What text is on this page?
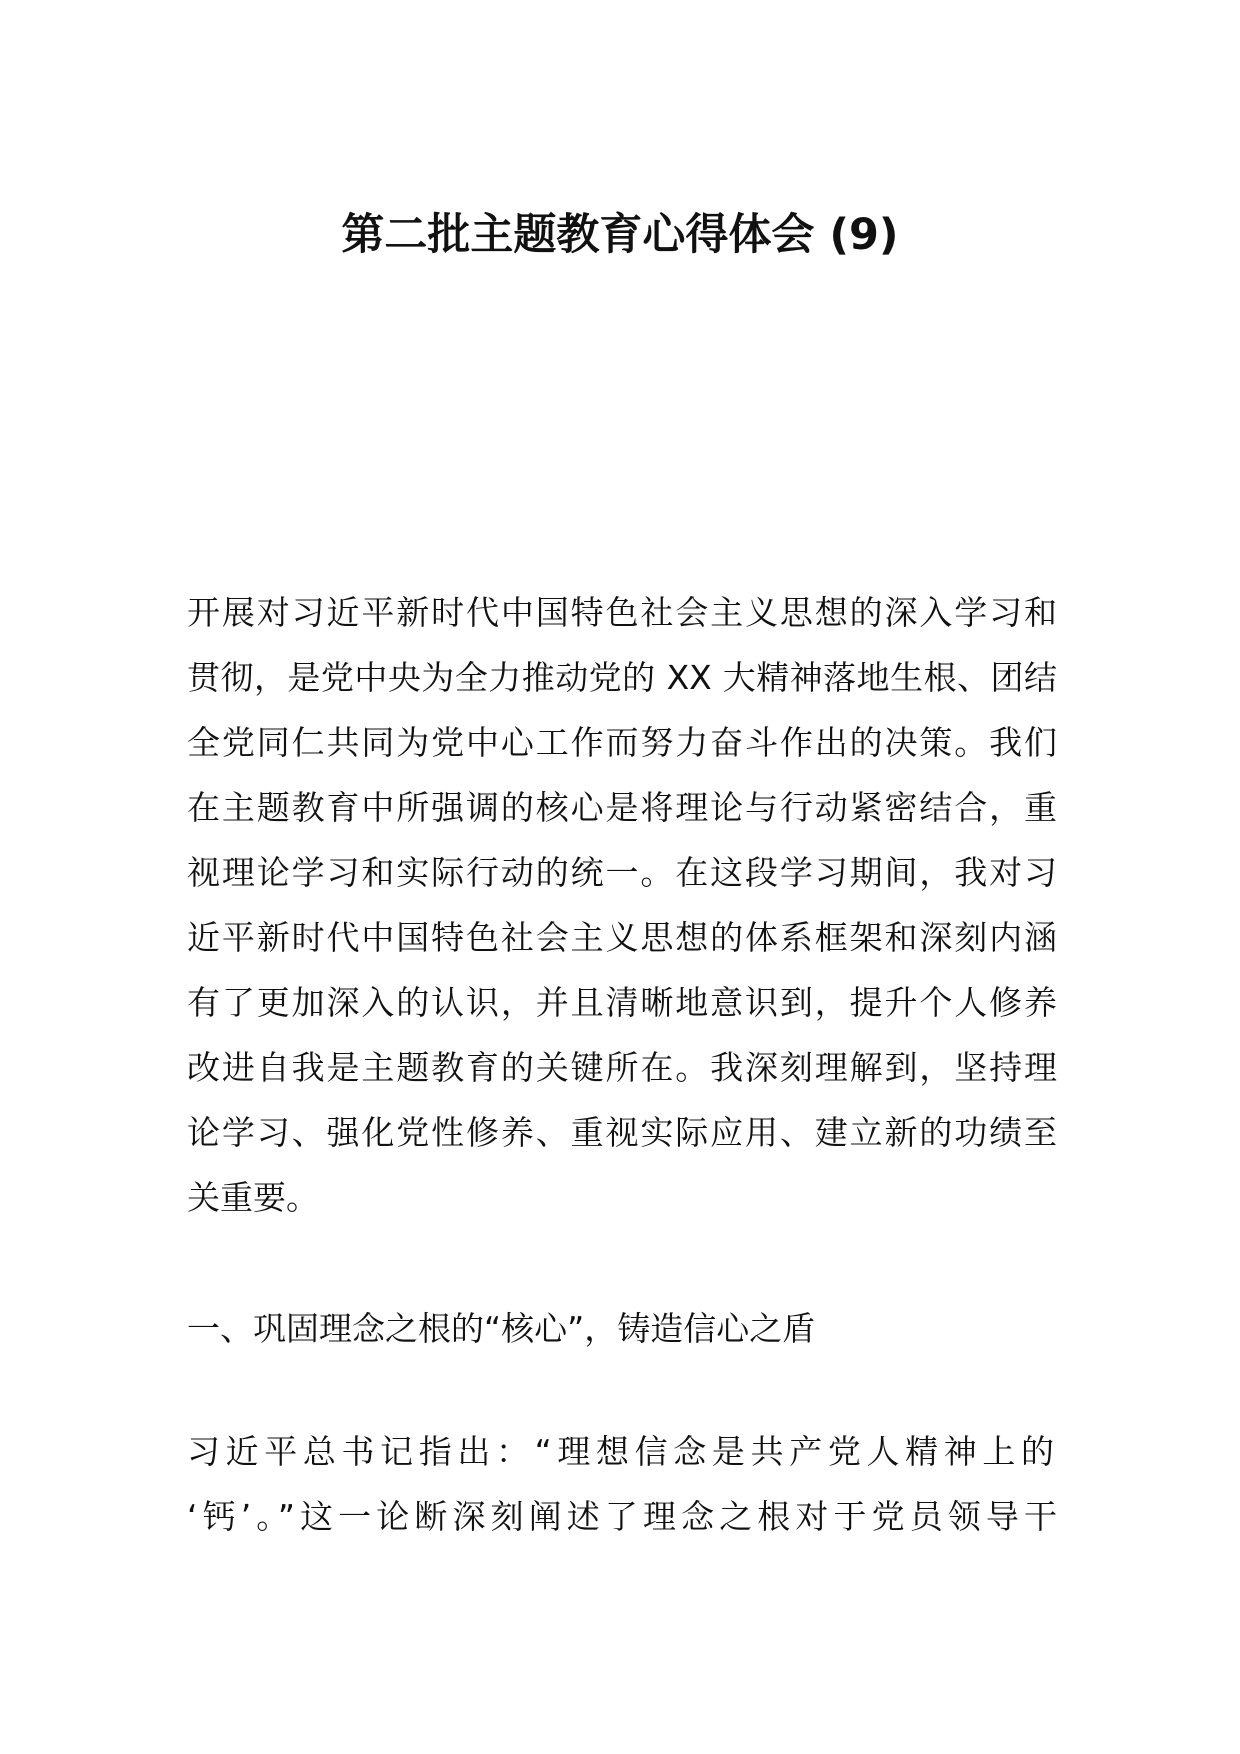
第二批主题教育心得体会 (9)
开展对习近平新时代中国特色社会主义思想的深入学习和
贯彻，是党中央为全力推动党的 XX 大精神落地生根、团结
全党同仁共同为党中心工作而努力奋斗作出的决策。我们
在主题教育中所强调的核心是将理论与行动紧密结合，重
视理论学习和实际行动的统一。在这段学习期间，我对习
近平新时代中国特色社会主义思想的体系框架和深刻内涵
有了更加深入的认识，并且清晰地意识到，提升个人修养
改进自我是主题教育的关键所在。我深刻理解到，坚持理
论学习、强化党性修养、重视实际应用、建立新的功绩至
关重要。
一、巩固理念之根的“核心”，铸造信心之盾
习近平总书记指出：“理想信念是共产党人精神上的
‘钙’。”这一论断深刻阐述了理念之根对于党员领导干
